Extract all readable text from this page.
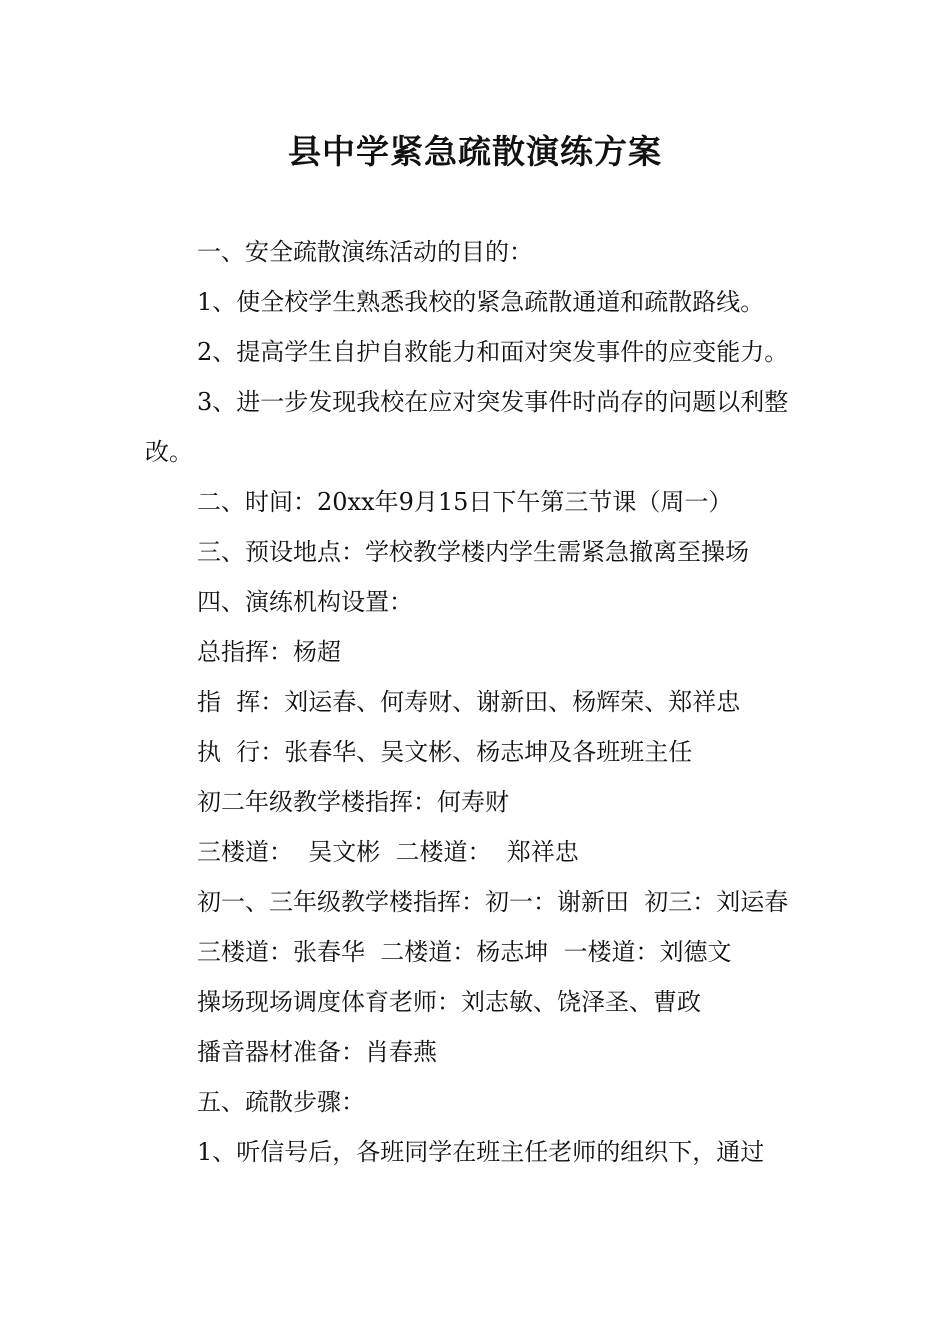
县中学紧急疏散演练方案

一、安全疏散演练活动的目的：

1、使全校学生熟悉我校的紧急疏散通道和疏散路线。

2、提高学生自护自救能力和面对突发事件的应变能力。

3、进一步发现我校在应对突发事件时尚存的问题以利整改。

二、时间：20xx年9月15日下午第三节课（周一）

三、预设地点：学校教学楼内学生需紧急撤离至操场

四、演练机构设置：

总指挥：杨超

指  挥：刘运春、何寿财、谢新田、杨辉荣、郑祥忠

执  行：张春华、吴文彬、杨志坤及各班班主任

初二年级教学楼指挥：何寿财

三楼道：  吴文彬  二楼道：  郑祥忠

初一、三年级教学楼指挥：初一：谢新田  初三：刘运春

三楼道：张春华  二楼道：杨志坤  一楼道：刘德文

操场现场调度体育老师：刘志敏、饶泽圣、曹政

播音器材准备：肖春燕

五、疏散步骤：

1、听信号后，各班同学在班主任老师的组织下，通过
